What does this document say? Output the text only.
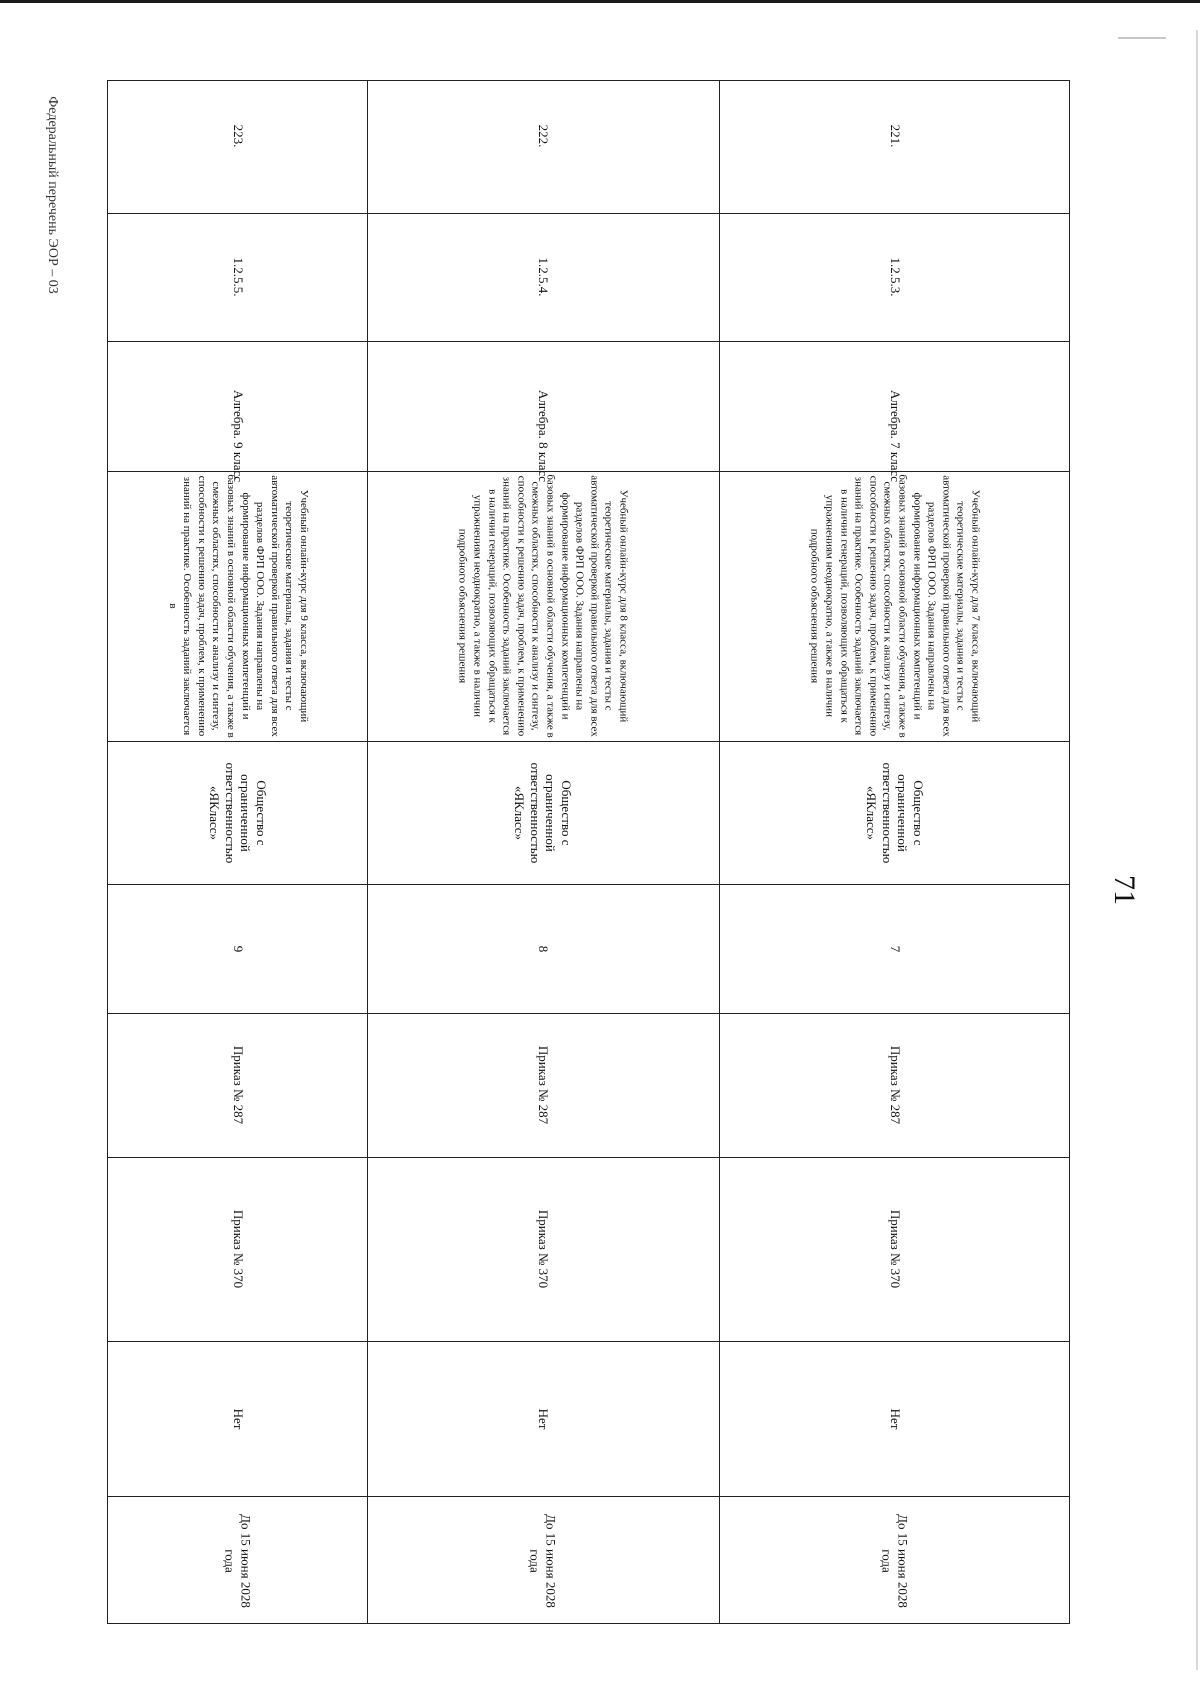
71
Федеральный перечень ЭОР – 03	221.
1.2.5.3.
Алгебра. 7 класс
Учебный онлайн-курс для 7 класса, включающий теоретические материалы, задания и тесты с автоматической проверкой правильного ответа для всех разделов ФРП ООО. Задания направлены на формирование информационных компетенций и базовых знаний в основной области обучения, а также в смежных областях, способности к анализу и синтезу, способности к решению задач, проблем, к применению знаний на практике. Особенность заданий заключается в наличии генераций, позволяющих обращаться к упражнениям неоднократно, а также в наличии подробного объяснения решения
Общество с ограниченной ответственностью «ЯКласс»
7
Приказ № 287
Приказ № 370
Нет
До 15 июня 2028 года
222.
1.2.5.4.
Алгебра. 8 класс
Учебный онлайн-курс для 8 класса, включающий теоретические материалы, задания и тесты с автоматической проверкой правильного ответа для всех разделов ФРП ООО. Задания направлены на формирование информационных компетенций и базовых знаний в основной области обучения, а также в смежных областях, способности к анализу и синтезу, способности к решению задач, проблем, к применению знаний на практике. Особенность заданий заключается в наличии генераций, позволяющих обращаться к упражнениям неоднократно, а также в наличии подробного объяснения решения
Общество с ограниченной ответственностью «ЯКласс»
8
Приказ № 287
Приказ № 370
Нет
До 15 июня 2028 года
223.
1.2.5.5.
Алгебра. 9 класс
Учебный онлайн-курс для 9 класса, включающий теоретические материалы, задания и тесты с автоматической проверкой правильного ответа для всех разделов ФРП ООО. Задания направлены на формирование информационных компетенций и базовых знаний в основной области обучения, а также в смежных областях, способности к анализу и синтезу, способности к решению задач, проблем, к применению знаний на практике. Особенность заданий заключается в
Общество с ограниченной ответственностью «ЯКласс»
9
Приказ № 287
Приказ № 370
Нет
До 15 июня 2028 года
